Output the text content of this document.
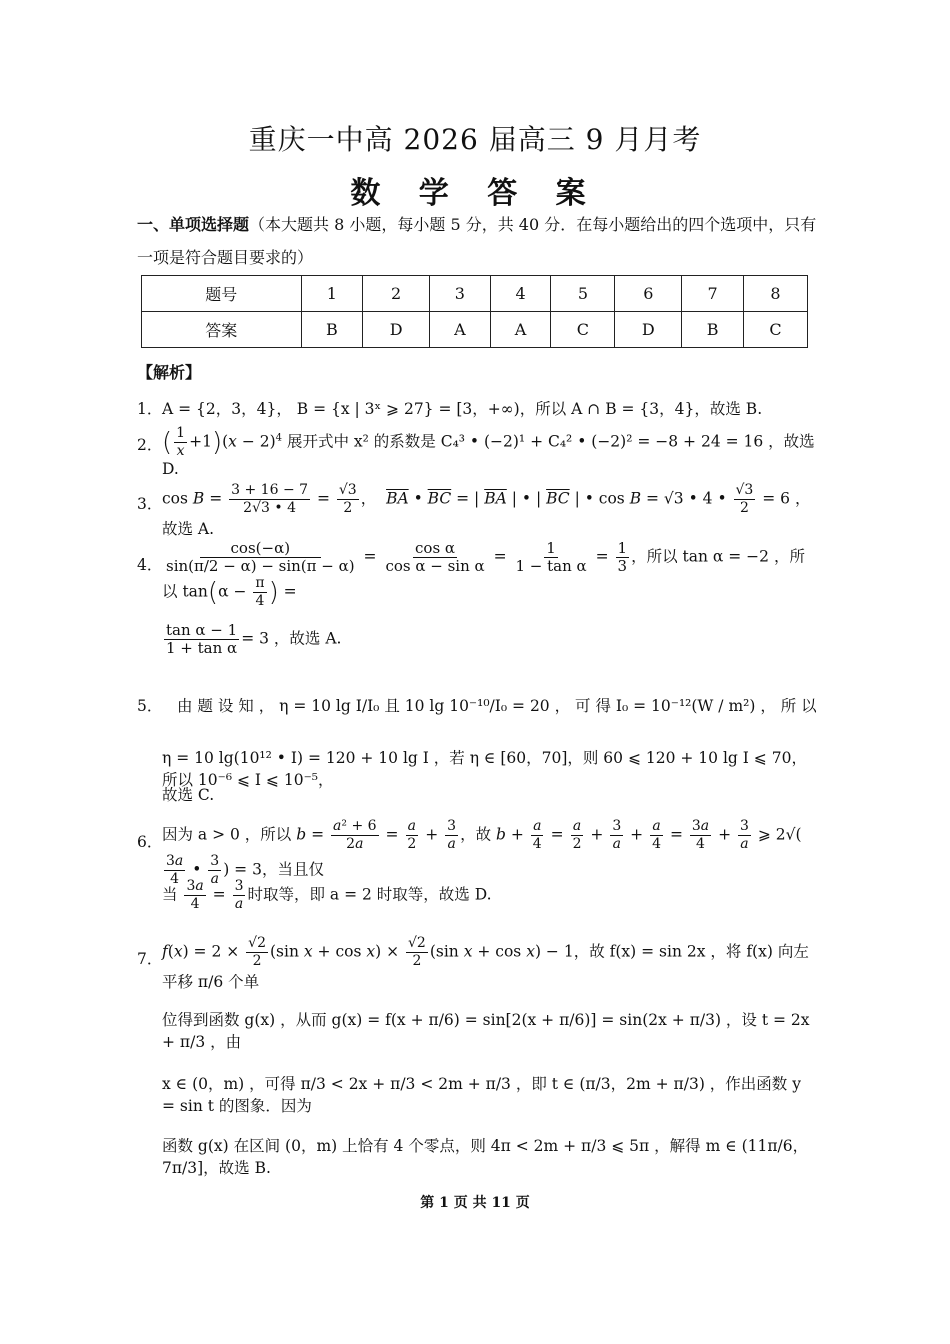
重庆一中高 2026 届高三 9 月月考
数 学 答 案
一、单项选择题（本大题共 8 小题，每小题 5 分，共 40 分．在每小题给出的四个选项中，只有一项是符合题目要求的）
题号	1	2	3	4	5	6	7	8
答案	B	D	A	A	C	D	B	C
【解析】
1． A = {2，3，4}， B = {x | 3ˣ ⩾ 27} = [3，+∞)，所以 A ∩ B = {3，4}，故选 B.
2． ( $\frac{1}{x} +1)(x - 2)^4$ 展开式中 x² 的系数是 C₄³ • (−2)¹ + C₄² • (−2)² = −8 + 24 = 16 ，故选 D.
3． $\cos B = \frac{3 + 16 - 7}{2√3 • 4} = \frac{√3}{2}$ ，  $\overline{BA}$ • $\overline{BC}$ = | $\overline{BA}$ | • | $\overline{BC}$ | • cos B = √3 • 4 • $\frac{√3}{2} = 6$ ，故选 A.
4． $\frac{\cos(-\alpha)}{\sin(\pi/2 - \alpha) - \sin(\pi - \alpha)} = \frac{\text{cos α}}{\text{cos α − sin α}} = \frac{1}{\text{1 − tan α}} = \frac{1}{3}$ ，所以 tan α = −2 ，所以 $\tan(\alpha - \frac{\pi}{4}$ ) =
$\frac{\text{tan α − 1}}{\text{1 + tan α}} = 3$ ，故选 A.
5． 由 题 设 知 ， η = 10 lg I/I₀ 且 10 lg 10⁻¹⁰/I₀ = 20 ， 可 得 I₀ = 10⁻¹²(W / m²) ， 所 以
η = 10 lg(10¹² • I) = 120 + 10 lg I ，若 η ∈ [60，70]，则 60 ⩽ 120 + 10 lg I ⩽ 70，所以 10⁻⁶ ⩽ I ⩽ 10⁻⁵，
故选 C.
6． 因为 a > 0 ，所以 $b = \frac{\text{a² + 6}}{2a} = \frac{a}{2} + \frac{3}{a}$ ，故 $b + \frac{a}{4} = \frac{a}{2} + \frac{3}{a} + \frac{a}{4} = \frac{3a}{4} + \frac{3}{a}$ ⩾ 2√(
$\frac{3a}{4}$ • $\frac{3}{a}$ ) = 3，当且仅
当 $\frac{3a}{4} = \frac{3}{a}$ 时取等，即 a = 2 时取等，故选 D.
7． $f(x) = 2 \times \frac{√2}{2} (\sin$ $x + \cos x) \times \frac{√2}{2} (\sin$ x + cos x) − 1，故 f(x) = sin 2x ，将 f(x) 向左平移 π/6 个单
位得到函数 g(x) ，从而 g(x) = f(x + π/6) = sin[2(x + π/6)] = sin(2x + π/3) ，设 t = 2x + π/3 ，由
x ∈ (0，m) ，可得 π/3 < 2x + π/3 < 2m + π/3 ，即 t ∈ (π/3，2m + π/3) ，作出函数 y = sin t 的图象．因为
函数 g(x) 在区间 (0，m) 上恰有 4 个零点，则 4π < 2m + π/3 ⩽ 5π ，解得 m ∈ (11π/6，7π/3]，故选 B.
第 1 页 共 11 页
